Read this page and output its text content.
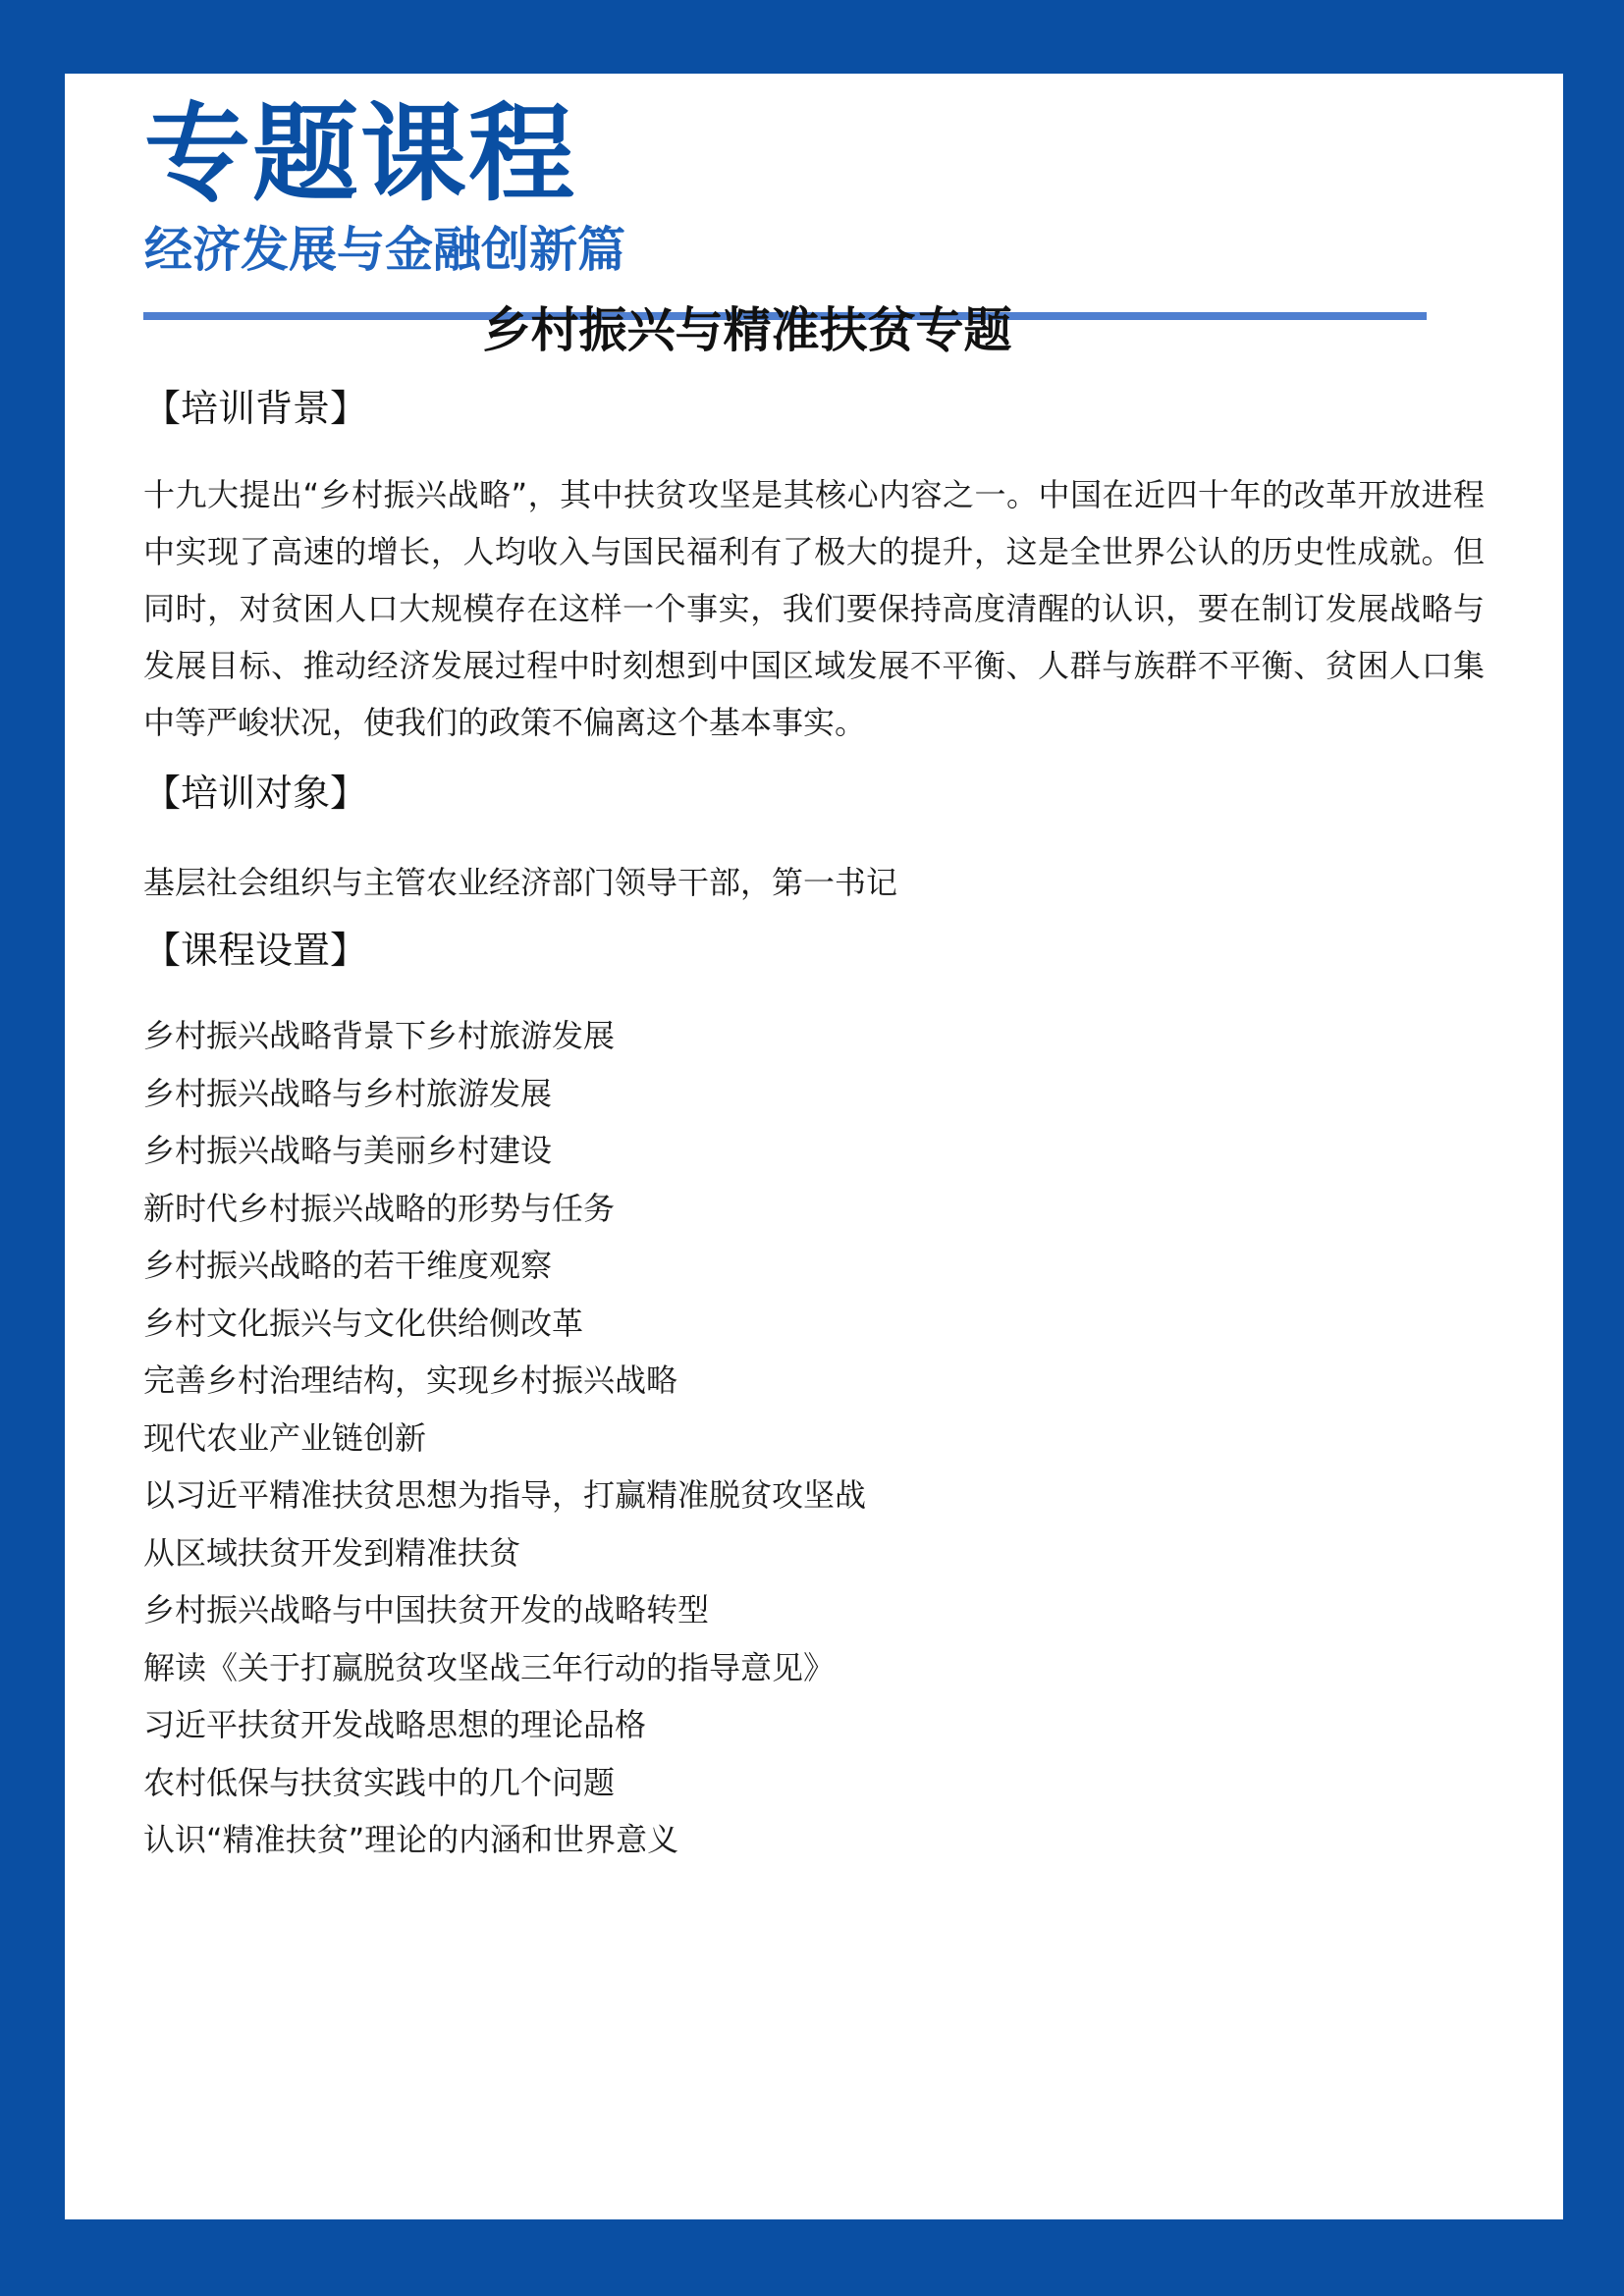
专题课程
经济发展与金融创新篇
乡村振兴与精准扶贫专题
【培训背景】

十九大提出“乡村振兴战略”，其中扶贫攻坚是其核心内容之一。中国在近四十年的改革开放进程中实现了高速的增长，人均收入与国民福利有了极大的提升，这是全世界公认的历史性成就。但同时，对贫困人口大规模存在这样一个事实，我们要保持高度清醒的认识，要在制订发展战略与发展目标、推动经济发展过程中时刻想到中国区域发展不平衡、人群与族群不平衡、贫困人口集中等严峻状况，使我们的政策不偏离这个基本事实。

【培训对象】

基层社会组织与主管农业经济部门领导干部，第一书记

【课程设置】
乡村振兴战略背景下乡村旅游发展
乡村振兴战略与乡村旅游发展
乡村振兴战略与美丽乡村建设
新时代乡村振兴战略的形势与任务
乡村振兴战略的若干维度观察
乡村文化振兴与文化供给侧改革
完善乡村治理结构，实现乡村振兴战略
现代农业产业链创新
以习近平精准扶贫思想为指导，打赢精准脱贫攻坚战
从区域扶贫开发到精准扶贫
乡村振兴战略与中国扶贫开发的战略转型
解读《关于打赢脱贫攻坚战三年行动的指导意见》
习近平扶贫开发战略思想的理论品格
农村低保与扶贫实践中的几个问题
认识“精准扶贫”理论的内涵和世界意义
